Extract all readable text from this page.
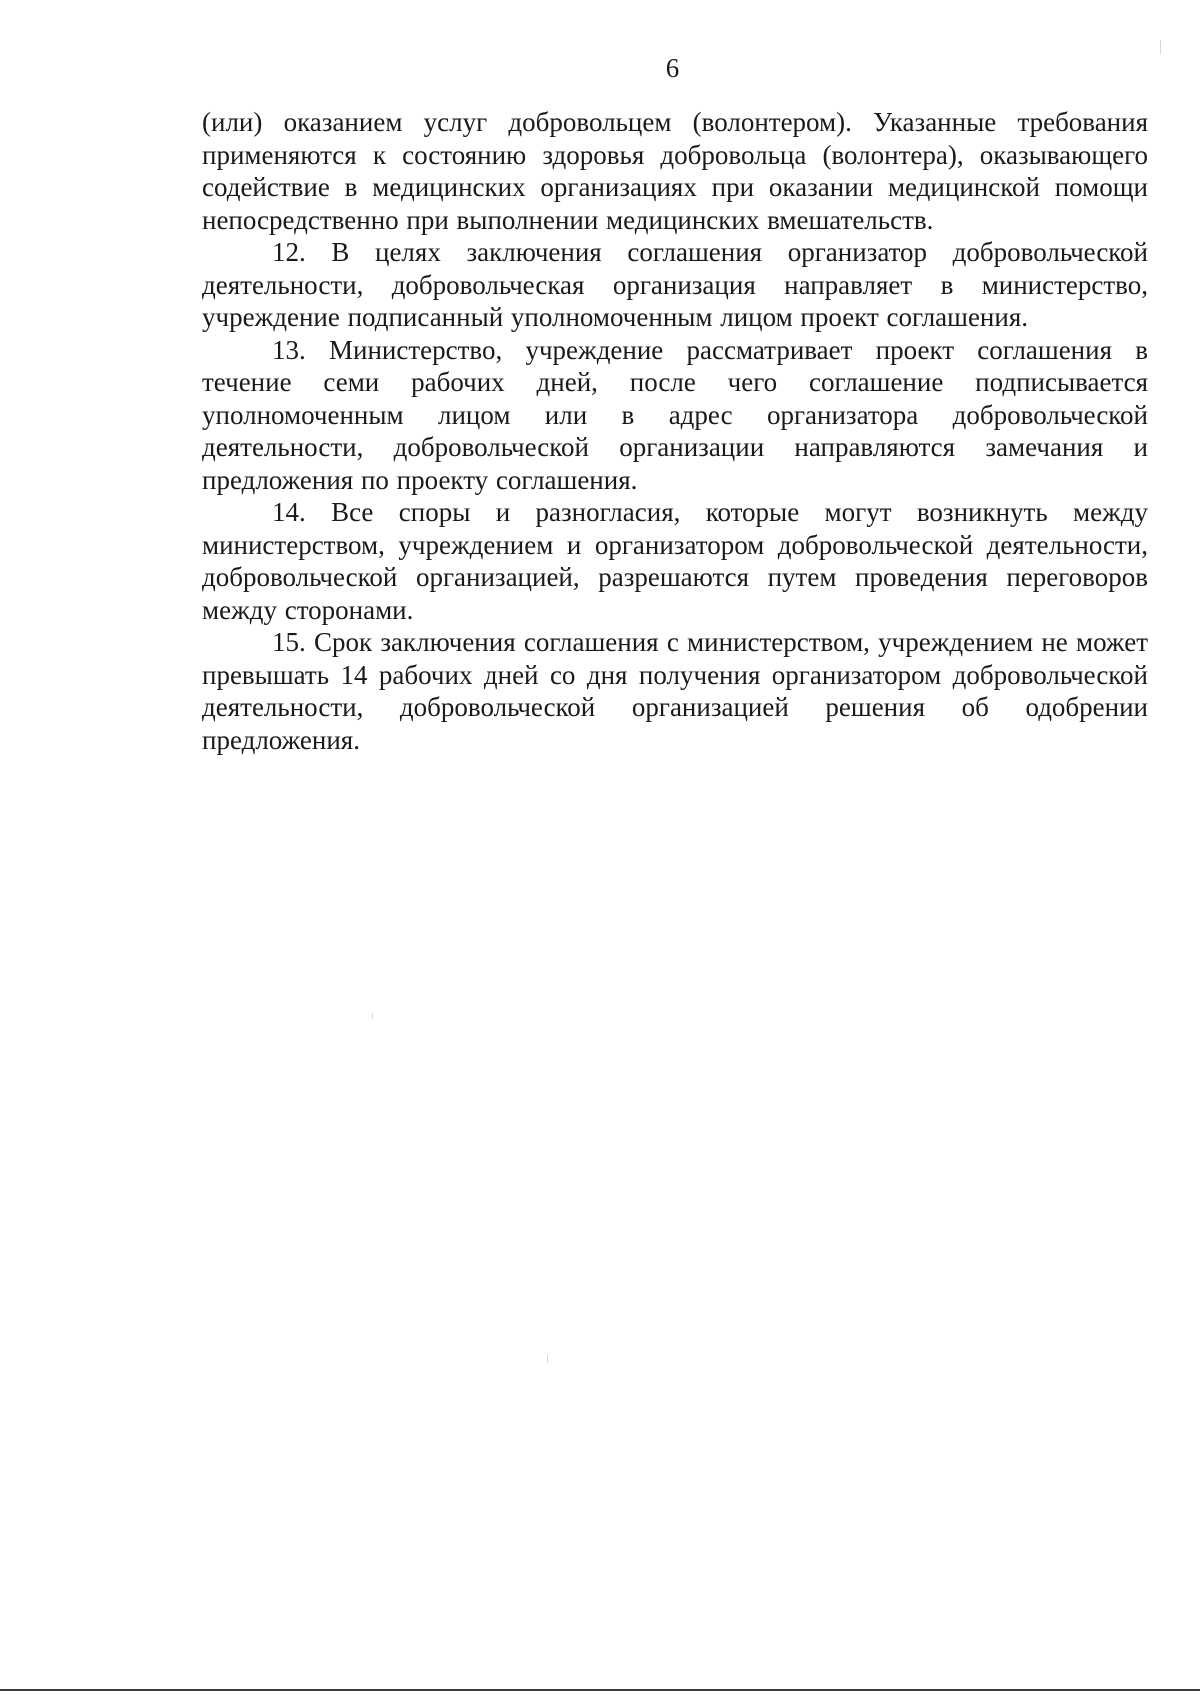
6

(или) оказанием услуг добровольцем (волонтером). Указанные требования применяются к состоянию здоровья добровольца (волонтера), оказывающего содействие в медицинских организациях при оказании медицинской помощи непосредственно при выполнении медицинских вмешательств.

12. В целях заключения соглашения организатор добровольческой деятельности, добровольческая организация направляет в министерство, учреждение подписанный уполномоченным лицом проект соглашения.

13. Министерство, учреждение рассматривает проект соглашения в течение семи рабочих дней, после чего соглашение подписывается уполномоченным лицом или в адрес организатора добровольческой деятельности, добровольческой организации направляются замечания и предложения по проекту соглашения.

14. Все споры и разногласия, которые могут возникнуть между министерством, учреждением и организатором добровольческой деятельности, добровольческой организацией, разрешаются путем проведения переговоров между сторонами.

15. Срок заключения соглашения с министерством, учреждением не может превышать 14 рабочих дней со дня получения организатором добровольческой деятельности, добровольческой организацией решения об одобрении предложения.
